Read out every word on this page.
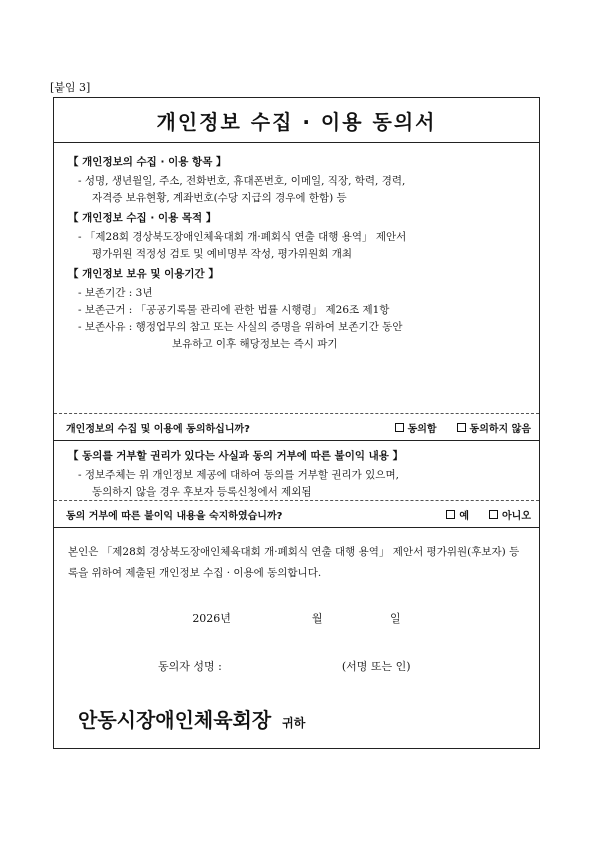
[붙임 3]
개인정보 수집 · 이용 동의서
【 개인정보의 수집 · 이용 항목 】
- 성명, 생년월일, 주소, 전화번호, 휴대폰번호, 이메일, 직장, 학력, 경력,
자격증 보유현황, 계좌번호(수당 지급의 경우에 한함) 등
【 개인정보 수집 · 이용 목적 】
- 「제28회 경상북도장애인체육대회 개·폐회식 연출 대행 용역」 제안서
평가위원 적정성 검토 및 예비명부 작성, 평가위원회 개최
【 개인정보 보유 및 이용기간 】
- 보존기간 : 3년
- 보존근거 : 「공공기록물 관리에 관한 법률 시행령」 제26조 제1항
- 보존사유 : 행정업무의 참고 또는 사실의 증명을 위하여 보존기간 동안
보유하고 이후 해당정보는 즉시 파기
개인정보의 수집 및 이용에 동의하십니까?	동의함	동의하지 않음
【 동의를 거부할 권리가 있다는 사실과 동의 거부에 따른 불이익 내용 】
- 정보주체는 위 개인정보 제공에 대하여 동의를 거부할 권리가 있으며,
동의하지 않을 경우 후보자 등록신청에서 제외됨
동의 거부에 따른 불이익 내용을 숙지하였습니까?	예	아니오
본인은 「제28회 경상북도장애인체육대회 개·폐회식 연출 대행 용역」 제안서 평가위원(후보자) 등록을 위하여 제출된 개인정보 수집 · 이용에 동의합니다.
2026년	월	일
동의자 성명 :	(서명 또는 인)
안동시장애인체육회장 귀하
